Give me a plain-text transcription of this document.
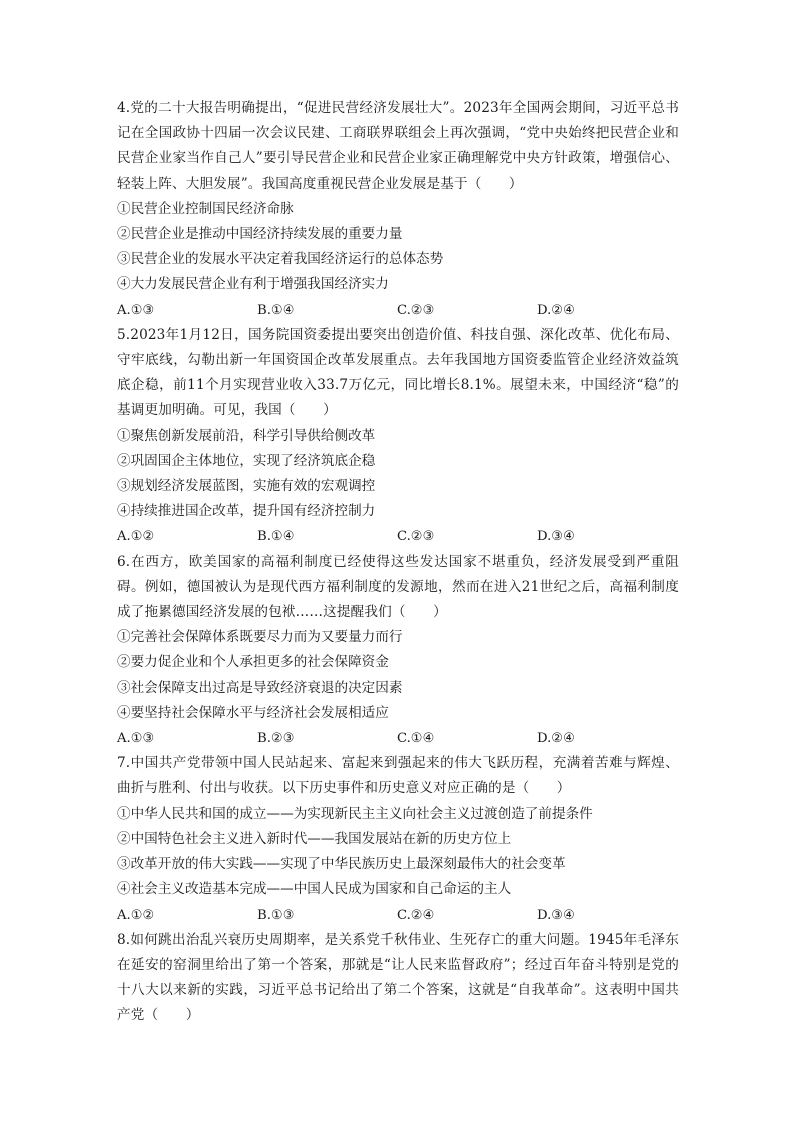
4.党的二十大报告明确提出，“促进民营经济发展壮大”。2023年全国两会期间，习近平总书记在全国政协十四届一次会议民建、工商联界联组会上再次强调，“党中央始终把民营企业和民营企业家当作自己人”要引导民营企业和民营企业家正确理解党中央方针政策，增强信心、轻装上阵、大胆发展”。我国高度重视民营企业发展是基于（　　）

①民营企业控制国民经济命脉

②民营企业是推动中国经济持续发展的重要力量

③民营企业的发展水平决定着我国经济运行的总体态势

④大力发展民营企业有利于增强我国经济实力

A.①③	B.①④	C.②③	D.②④

5.2023年1月12日，国务院国资委提出要突出创造价值、科技自强、深化改革、优化布局、守牢底线，勾勒出新一年国资国企改革发展重点。去年我国地方国资委监管企业经济效益筑底企稳，前11个月实现营业收入33.7万亿元，同比增长8.1%。展望未来，中国经济“稳”的基调更加明确。可见，我国（　　）

①聚焦创新发展前沿，科学引导供给侧改革

②巩固国企主体地位，实现了经济筑底企稳

③规划经济发展蓝图，实施有效的宏观调控

④持续推进国企改革，提升国有经济控制力

A.①②	B.①④	C.②③	D.③④

6.在西方，欧美国家的高福利制度已经使得这些发达国家不堪重负，经济发展受到严重阻碍。例如，德国被认为是现代西方福利制度的发源地，然而在进入21世纪之后，高福利制度成了拖累德国经济发展的包袱……这提醒我们（　　）

①完善社会保障体系既要尽力而为又要量力而行

②要力促企业和个人承担更多的社会保障资金

③社会保障支出过高是导致经济衰退的决定因素

④要坚持社会保障水平与经济社会发展相适应

A.①③	B.②③	C.①④	D.②④

7.中国共产党带领中国人民站起来、富起来到强起来的伟大飞跃历程，充满着苦难与辉煌、曲折与胜利、付出与收获。以下历史事件和历史意义对应正确的是（　　）

①中华人民共和国的成立——为实现新民主主义向社会主义过渡创造了前提条件

②中国特色社会主义进入新时代——我国发展站在新的历史方位上

③改革开放的伟大实践——实现了中华民族历史上最深刻最伟大的社会变革

④社会主义改造基本完成——中国人民成为国家和自己命运的主人

A.①②	B.①③	C.②④	D.③④

8.如何跳出治乱兴衰历史周期率，是关系党千秋伟业、生死存亡的重大问题。1945年毛泽东在延安的窑洞里给出了第一个答案，那就是“让人民来监督政府”；经过百年奋斗特别是党的十八大以来新的实践，习近平总书记给出了第二个答案，这就是“自我革命”。这表明中国共产党（　　）
